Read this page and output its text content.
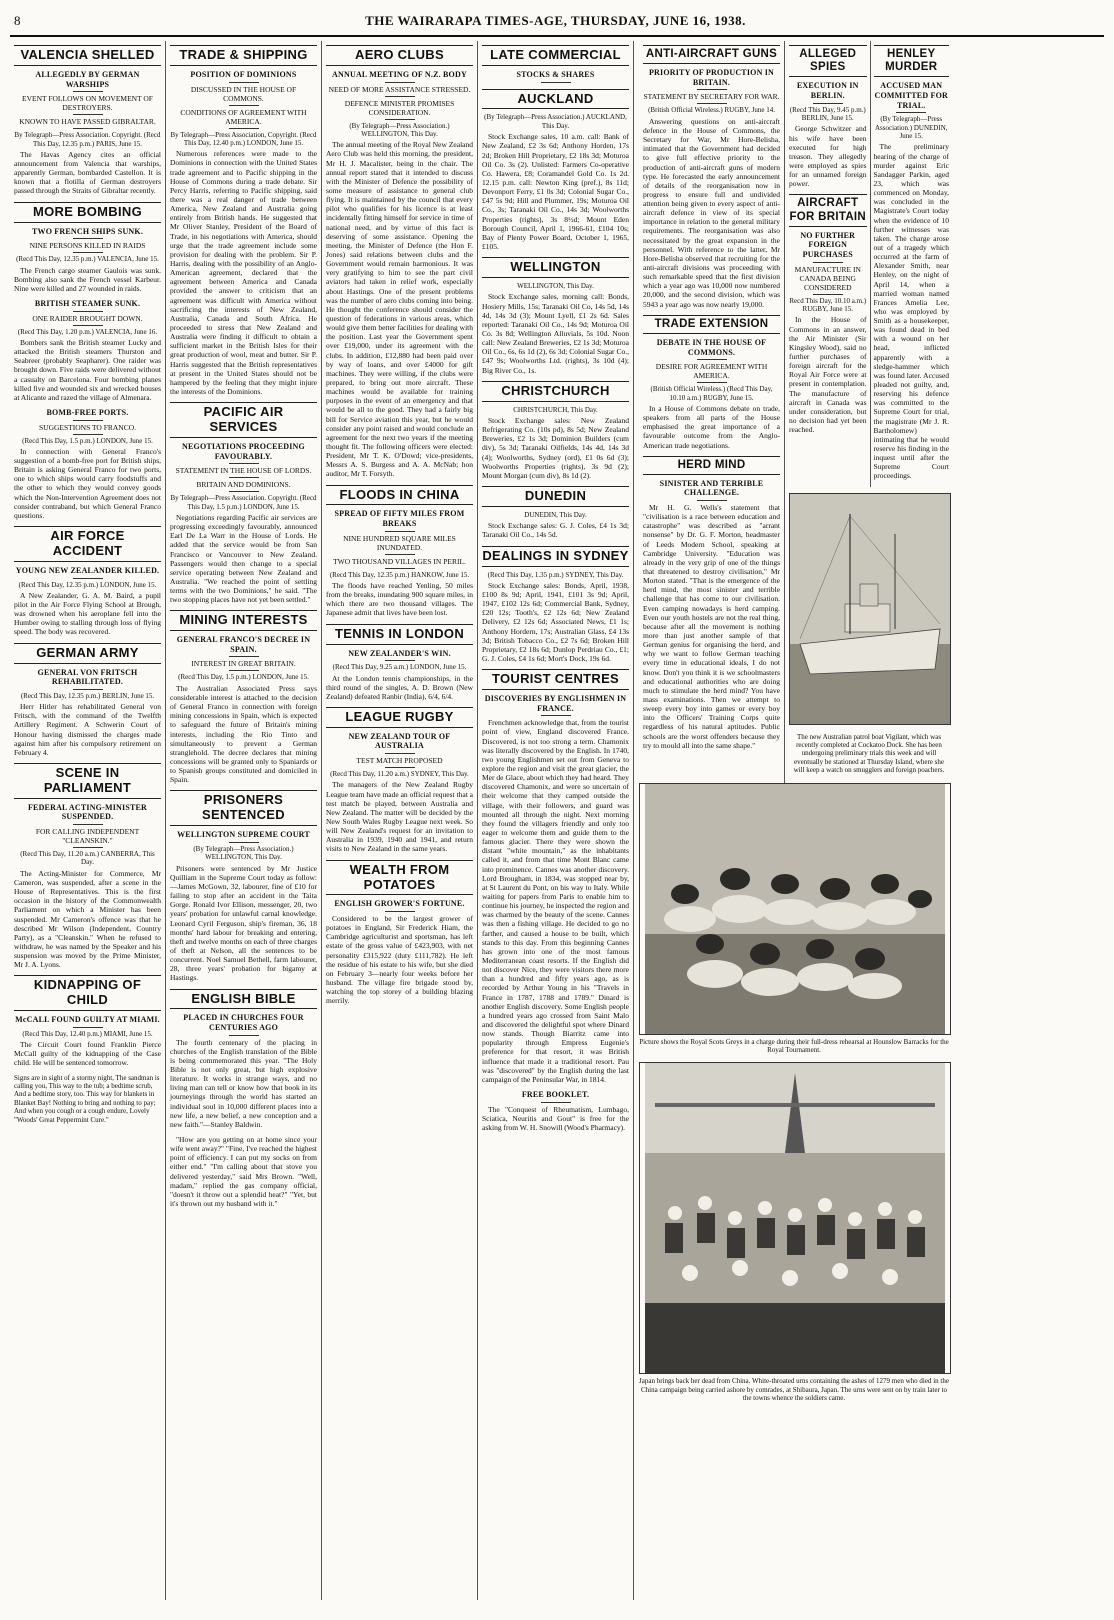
8	THE WAIRARAPA TIMES-AGE, THURSDAY, JUNE 16, 1938.
VALENCIA SHELLED
ALLEGEDLY BY GERMAN WARSHIPS
EVENT FOLLOWS ON MOVEMENT OF DESTROYERS.
KNOWN TO HAVE PASSED GIBRALTAR.
By Telegraph—Press Association. Copyright. (Recd This Day, 12.35 p.m.) PARIS, June 15.
The Havas Agency cites an official announcement from Valencia that warships, apparently German, bombarded Castellon. It is known that a flotilla of German destroyers passed through the Straits of Gibraltar recently.
MORE BOMBING
TWO FRENCH SHIPS SUNK.
NINE PERSONS KILLED IN RAIDS
(Recd This Day, 12.35 p.m.) VALENCIA, June 15.
The French cargo steamer Gaulois was sunk. Bombing also sank the French vessel Karbeur. Nine were killed and 27 wounded in raids.
BRITISH STEAMER SUNK.
ONE RAIDER BROUGHT DOWN.
(Recd This Day, 1.20 p.m.) VALENCIA, June 16.
Bombers sank the British steamer Lucky and attacked the British steamers Thurston and Seabreer (probably Seapharer). One raider was brought down. Five raids were delivered without a casualty on Barcelona. Four bombing planes killed five and wounded six and wrecked houses at Alicante and razed the village of Almenara.
BOMB-FREE PORTS.
SUGGESTIONS TO FRANCO.
(Recd This Day, 1.5 p.m.) LONDON, June 15.
In connection with General Franco's suggestion of a bomb-free port for British ships, Britain is asking General Franco for two ports, one to which ships would carry foodstuffs and the other to which they would convey goods which the Non-Intervention Agreement does not consider contraband, but which General Franco questions.
AIR FORCE ACCIDENT
YOUNG NEW ZEALANDER KILLED.
(Recd This Day, 12.35 p.m.) LONDON, June 15.
A New Zealander, G. A. M. Baird, a pupil pilot in the Air Force Flying School at Brough, was drowned when his aeroplane fell into the Humber owing to stalling through loss of flying speed. The body was recovered.
GERMAN ARMY
GENERAL VON FRITSCH REHABILITATED.
(Recd This Day, 12.35 p.m.) BERLIN, June 15.
Herr Hitler has rehabilitated General von Fritsch, with the command of the Twelfth Artillery Regiment. A Schwerin Court of Honour having dismissed the charges made against him after his compulsory retirement on February 4.
SCENE IN PARLIAMENT
FEDERAL ACTING-MINISTER SUSPENDED.
FOR CALLING INDEPENDENT "CLEANSKIN."
(Recd This Day, 11.20 a.m.) CANBERRA, This Day.
The Acting-Minister for Commerce, Mr Cameron, was suspended, after a scene in the House of Representatives. This is the first occasion in the history of the Commonwealth Parliament on which a Minister has been suspended. Mr Cameron's offence was that he described Mr Wilson (Independent, Country Party), as a "Cleanskin." When he refused to withdraw, he was named by the Speaker and his suspension was moved by the Prime Minister, Mr J. A. Lyons.
KIDNAPPING OF CHILD
McCALL FOUND GUILTY AT MIAMI.
(Recd This Day, 12.40 p.m.) MIAMI, June 15.
The Circuit Court found Franklin Pierce McCall guilty of the kidnapping of the Case child. He will be sentenced tomorrow.
Signs are in sight of a stormy night, The sandman is calling you, This way to the tub; a bedtime scrub, And a bedtime story, too. This way for blankets in Blanket Bay! Nothing to bring and nothing to pay; And when you cough or a cough endure, Lovely "Woods' Great Peppermint Cure."
TRADE & SHIPPING
POSITION OF DOMINIONS
DISCUSSED IN THE HOUSE OF COMMONS.
CONDITIONS OF AGREEMENT WITH AMERICA.
By Telegraph—Press Association, Copyright. (Recd This Day, 12.40 p.m.) LONDON, June 15.
Numerous references were made to the Dominions in connection with the United States trade agreement and to Pacific shipping in the House of Commons during a trade debate. Sir Percy Harris, referring to Pacific shipping, said there was a real danger of trade between America, New Zealand and Australia going entirely from British hands. He suggested that Mr Oliver Stanley, President of the Board of Trade, in his negotiations with America, should urge that the trade agreement include some provision for dealing with the problem. Sir P. Harris, dealing with the possibility of an Anglo-American agreement, declared that the agreement between America and Canada provided the answer to criticism that an agreement was difficult with America without sacrificing the interests of New Zealand, Australia, Canada and South Africa. He proceeded to stress that New Zealand and Australia were finding it difficult to obtain a sufficient market in the British Isles for their great production of wool, meat and butter. Sir P. Harris suggested that the British representatives at present in the United States should not be hampered by the feeling that they might injure the interests of the Dominions.
PACIFIC AIR SERVICES
NEGOTIATIONS PROCEEDING FAVOURABLY.
STATEMENT IN THE HOUSE OF LORDS.
BRITAIN AND DOMINIONS.
By Telegraph—Press Association. Copyright. (Recd This Day, 1.5 p.m.) LONDON, June 15.
Negotiations regarding Pacific air services are progressing exceedingly favourably, announced Earl De La Warr in the House of Lords. He added that the service would be from San Francisco or Vancouver to New Zealand. Passengers would then change to a special service operating between New Zealand and Australia. "We reached the point of settling terms with the two Dominions," he said. "The two stopping places have not yet been settled."
MINING INTERESTS
GENERAL FRANCO'S DECREE IN SPAIN.
INTEREST IN GREAT BRITAIN.
(Recd This Day, 1.5 p.m.) LONDON, June 15.
The Australian Associated Press says considerable interest is attached to the decision of General Franco in connection with foreign mining concessions in Spain, which is expected to safeguard the future of Britain's mining interests, including the Rio Tinto and simultaneously to prevent a German stranglehold. The decree declares that mining concessions will be granted only to Spaniards or to Spanish groups constituted and domiciled in Spain.
PRISONERS SENTENCED
WELLINGTON SUPREME COURT
(By Telegraph—Press Association.) WELLINGTON, This Day.
Prisoners were sentenced by Mr Justice Quilliam in the Supreme Court today as follow:—James McGown, 32, labourer, fine of £10 for failing to stop after an accident in the Taita Gorge. Ronald Ivor Ellison, messenger, 20, two years' probation for unlawful carnal knowledge. Leonard Cyril Ferguson, ship's fireman, 36, 18 months' hard labour for breaking and entering, theft and twelve months on each of three charges of theft at Nelson, all the sentences to be concurrent. Noel Samuel Bethell, farm labourer, 28, three years' probation for bigamy at Hastings.
ENGLISH BIBLE
PLACED IN CHURCHES FOUR CENTURIES AGO
The fourth centenary of the placing in churches of the English translation of the Bible is being commemorated this year. "The Holy Bible is not only great, but high explosive literature. It works in strange ways, and no living man can tell or know how that book in its journeyings through the world has started an individual soul in 10,000 different places into a new life, a new belief, a new conception and a new faith."—Stanley Baldwin.
"How are you getting on at home since your wife went away?" "Fine, I've reached the highest point of efficiency. I can put my socks on from either end." "I'm calling about that stove you delivered yesterday," said Mrs Brown. "Well, madam," replied the gas company official, "doesn't it throw out a splendid heat?" "Yet, but it's thrown out my husband with it."
AERO CLUBS
ANNUAL MEETING OF N.Z. BODY
NEED OF MORE ASSISTANCE STRESSED.
DEFENCE MINISTER PROMISES CONSIDERATION.
(By Telegraph—Press Association.) WELLINGTON, This Day.
The annual meeting of the Royal New Zealand Aero Club was held this morning, the president, Mr H. J. Macalister, being in the chair. The annual report stated that it intended to discuss with the Minister of Defence the possibility of some measure of assistance to general club flying. It is maintained by the council that every pilot who qualifies for his licence is at least incidentally fitting himself for service in time of national need, and by virtue of this fact is deserving of some assistance. Opening the meeting, the Minister of Defence (the Hon F. Jones) said relations between clubs and the Government would remain harmonious. It was very gratifying to him to see the part civil aviators had taken in relief work, especially about Hastings. One of the present problems was the number of aero clubs coming into being. He thought the conference should consider the question of federations in various areas, which would give them better facilities for dealing with the position. Last year the Government spent over £19,000, under its agreement with the clubs. In addition, £12,880 had been paid over by way of loans, and over £4000 for gift machines. They were willing, if the clubs were prepared, to bring out more aircraft. These machines would be available for training purposes in the event of an emergency and that would be all to the good. They had a fairly big bill for Service aviation this year, but he would consider any point raised and would conclude an agreement for the next two years if the meeting thought fit. The following officers were elected: President, Mr T. K. O'Dowd; vice-presidents, Messrs A. S. Burgess and A. A. McNab; hon auditor, Mr T. Forsyth.
FLOODS IN CHINA
SPREAD OF FIFTY MILES FROM BREAKS
NINE HUNDRED SQUARE MILES INUNDATED.
TWO THOUSAND VILLAGES IN PERIL.
(Recd This Day, 12.35 p.m.) HANKOW, June 15.
The floods have reached Yenling, 50 miles from the breaks, inundating 900 square miles, in which there are two thousand villages. The Japanese admit that lives have been lost.
TENNIS IN LONDON
NEW ZEALANDER'S WIN.
(Recd This Day, 9.25 a.m.) LONDON, June 15.
At the London tennis championships, in the third round of the singles, A. D. Brown (New Zealand) defeated Ranbir (India), 6/4, 6/4.
LEAGUE RUGBY
NEW ZEALAND TOUR OF AUSTRALIA
TEST MATCH PROPOSED
(Recd This Day, 11.20 a.m.) SYDNEY, This Day.
The managers of the New Zealand Rugby League team have made an official request that a test match be played, between Australia and New Zealand. The matter will be decided by the New South Wales Rugby League next week. So will New Zealand's request for an invitation to Australia in 1939, 1940 and 1941, and return visits to New Zealand in the same years.
WEALTH FROM POTATOES
ENGLISH GROWER'S FORTUNE.
Considered to be the largest grower of potatoes in England, Sir Frederick Hiam, the Cambridge agriculturist and sportsman, has left estate of the gross value of £423,903, with net personality £315,922 (duty £111,782). He left the residue of his estate to his wife, but she died on February 3—nearly four weeks before her husband. The village fire brigade stood by, watching the top storey of a building blazing merrily.
LATE COMMERCIAL
STOCKS & SHARES
AUCKLAND
(By Telegraph—Press Association.) AUCKLAND, This Day.
Stock Exchange sales, 10 a.m. call: Bank of New Zealand, £2 3s 6d; Anthony Horden, 17s 2d; Broken Hill Proprietary, £2 18s 3d; Moturoa Oil Co. 3s (2). Unlisted: Farmers Co-operative Co. Hawera, £8; Coramandel Gold Co. 1s 2d. 12.15 p.m. call: Newton King (pref.), 8s 11d; Devonport Ferry, £1 0s 3d; Colonial Sugar Co., £47 5s 9d; Hill and Plummer, 19s; Moturoa Oil Co., 3s; Taranaki Oil Co., 14s 3d; Woolworths Properties (rights), 3s 8½d; Mount Eden Borough Council, April 1, 1966-61, £104 10s; Bay of Plenty Power Board, October 1, 1965, £105.
WELLINGTON
WELLINGTON, This Day.
Stock Exchange sales, morning call: Bonds, Hosiery Mills, 15s; Taranaki Oil Co, 14s 5d, 14s 4d, 14s 3d (3); Mount Lyell, £1 2s 6d. Sales reported: Taranaki Oil Co., 14s 9d; Moturoa Oil Co. 3s 8d; Wellington Alluvials, 5s 10d. Noon call: New Zealand Breweries, £2 1s 3d; Moturoa Oil Co., 6s, 6s 1d (2), 6s 3d; Colonial Sugar Co., £47 9s; Woolworths Ltd. (rights), 3s 10d (4); Big River Co., 1s.
CHRISTCHURCH
CHRISTCHURCH, This Day.
Stock Exchange sales: New Zealand Refrigerating Co. (10s pd), 8s 5d; New Zealand Breweries, £2 1s 3d; Dominion Builders (cum div), 5s 3d; Taranaki Oilfields, 14s 4d, 14s 3d (4); Woolworths, Sydney (ord), £1 0s 6d (3); Woolworths Properties (rights), 3s 9d (2); Mount Morgan (cum div), 8s 1d (2).
DUNEDIN
DUNEDIN, This Day.
Stock Exchange sales: G. J. Coles, £4 1s 3d; Taranaki Oil Co., 14s 5d.
DEALINGS IN SYDNEY
(Recd This Day, 1.35 p.m.) SYDNEY, This Day.
Stock Exchange sales: Bonds, April, 1938, £100 8s 9d; April, 1941, £101 3s 9d; April, 1947, £102 12s 6d; Commercial Bank, Sydney, £20 12s; Tooth's, £2 12s 6d; New Zealand Delivery, £2 12s 6d; Associated News, £1 1s; Anthony Hordern, 17s; Australian Glass, £4 13s 3d; British Tobacco Co., £2 7s 6d; Broken Hill Proprietary, £2 18s 6d; Dunlop Perdriau Co., £1; G. J. Coles, £4 1s 6d; Mort's Dock, 19s 6d.
TOURIST CENTRES
DISCOVERIES BY ENGLISHMEN IN FRANCE.
Frenchmen acknowledge that, from the tourist point of view, England discovered France. Discovered, is not too strong a term. Chamonix was literally discovered by the English. In 1740, two young Englishmen set out from Geneva to explore the region and visit the great glacier, the Mer de Glace, about which they had heard. They discovered Chamonix, and were so uncertain of their welcome that they camped outside the village, with their followers, and guard was mounted all through the night. Next morning they found the villagers friendly and only too eager to welcome them and guide them to the famous glacier. There they were shown the distant "white mountain," as the inhabitants called it, and from that time Mont Blanc came into prominence. Cannes was another discovery. Lord Brougham, in 1834, was stopped near by, at St Laurent du Pont, on his way to Italy. While waiting for papers from Paris to enable him to continue his journey, he inspected the region and was charmed by the beauty of the scene. Cannes was then a fishing village. He decided to go no farther, and caused a house to be built, which stands to this day. From this beginning Cannes has grown into one of the most famous Mediterranean coast resorts. If the English did not discover Nice, they were visitors there more than a hundred and fifty years ago, as is recorded by Arthur Young in his "Travels in France in 1787, 1788 and 1789." Dinard is another English discovery. Some English people a hundred years ago crossed from Saint Malo and discovered the delightful spot where Dinard now stands. Though Biarritz came into popularity through Empress Eugenie's preference for that resort, it was British influence that made it a traditional resort. Pau was "discovered" by the English during the last campaign of the Peninsular War, in 1814.
FREE BOOKLET.
The "Conquest of Rheumatism, Lumbago, Sciatica, Neuritis and Gout" is free for the asking from W. H. Snowill (Wood's Pharmacy).
ANTI-AIRCRAFT GUNS
PRIORITY OF PRODUCTION IN BRITAIN.
STATEMENT BY SECRETARY FOR WAR.
(British Official Wireless.) RUGBY, June 14.
Answering questions on anti-aircraft defence in the House of Commons, the Secretary for War, Mr Hore-Belisha, intimated that the Government had decided to give full effective priority to the production of anti-aircraft guns of modern type. He forecasted the early announcement of details of the reorganisation now in progress to ensure full and undivided attention being given to every aspect of anti-aircraft defence in view of its special importance in relation to the general military requirements. The reorganisation was also necessitated by the great expansion in the personnel. With reference to the latter, Mr Hore-Belisha observed that recruiting for the anti-aircraft divisions was proceeding with such remarkable speed that the first division which a year ago was 10,000 now numbered 20,000, and the second division, which was 5943 a year ago was now nearly 19,000.
TRADE EXTENSION
DEBATE IN THE HOUSE OF COMMONS.
DESIRE FOR AGREEMENT WITH AMERICA.
(British Official Wireless.) (Recd This Day, 10.10 a.m.) RUGBY, June 15.
In a House of Commons debate on trade, speakers from all parts of the House emphasised the great importance of a favourable outcome from the Anglo-American trade negotiations.
HERD MIND
SINISTER AND TERRIBLE CHALLENGE.
Mr H. G. Wells's statement that "civilisation is a race between education and catastrophe" was described as "arrant nonsense" by Dr. G. F. Morton, headmaster of Leeds Modern School, speaking at Cambridge University. "Education was already in the very grip of one of the things that threatened to destroy civilisation," Mr Morton stated. "That is the emergence of the herd mind, the most sinister and terrible challenge that has come to our civilisation. Even camping nowadays is herd camping. Even our youth hostels are not the real thing, because after all the movement is nothing more than just another sample of that German genius for organising the herd, and why we want to follow German teaching every time in educational ideals, I do not know. Don't you think it is we schoolmasters and educational authorities who are doing much to stimulate the herd mind? You have mass examinations. Then we attempt to sweep every boy into games or every boy into the Officers' Training Corps quite regardless of his natural aptitudes. Public schools are the worst offenders because they try to mould all into the same shape."
ALLEGED SPIES
EXECUTION IN BERLIN.
(Recd This Day, 9.45 p.m.) BERLIN, June 15.
George Schwitzer and his wife have been executed for high treason. They allegedly were employed as spies for an unnamed foreign power.
AIRCRAFT FOR BRITAIN
NO FURTHER FOREIGN PURCHASES
MANUFACTURE IN CANADA BEING CONSIDERED
Recd This Day, 10.10 a.m.) RUGBY, June 15.
In the House of Commons in an answer, the Air Minister (Sir Kingsley Wood), said no further purchases of foreign aircraft for the Royal Air Force were at present in contemplation. The manufacture of aircraft in Canada was under consideration, but no decision had yet been reached.
HENLEY MURDER
ACCUSED MAN COMMITTED FOR TRIAL.
(By Telegraph—Press Association.) DUNEDIN, June 15.
The preliminary hearing of the charge of murder against Eric Sandagger Parkin, aged 23, which was commenced on Monday, was concluded in the Magistrate's Court today when the evidence of 10 further witnesses was taken. The charge arose out of a tragedy which occurred at the farm of Alexander Smith, near Henley, on the night of April 14, when a married woman named Frances Amelia Lee, who was employed by Smith as a housekeeper, was found dead in bed with a wound on her head, inflicted apparently with a sledge-hammer which was found later. Accused pleaded not guilty, and, reserving his defence was committed to the Supreme Court for trial, the magistrate (Mr J. R. Bartholomew) intimating that he would reserve his finding in the inquest until after the Supreme Court proceedings.
The new Australian patrol boat Vigilant, which was recently completed at Cockatoo Dock. She has been undergoing preliminary trials this week and will eventually be stationed at Thursday Island, where she will keep a watch on smugglers and foreign poachers.
Picture shows the Royal Scots Greys in a charge during their full-dress rehearsal at Hounslow Barracks for the Royal Tournament.
Japan brings back her dead from China. White-throated urns containing the ashes of 1279 men who died in the China campaign being carried ashore by comrades, at Shibaura, Japan. The urns were sent on by train later to the towns whence the soldiers came.
